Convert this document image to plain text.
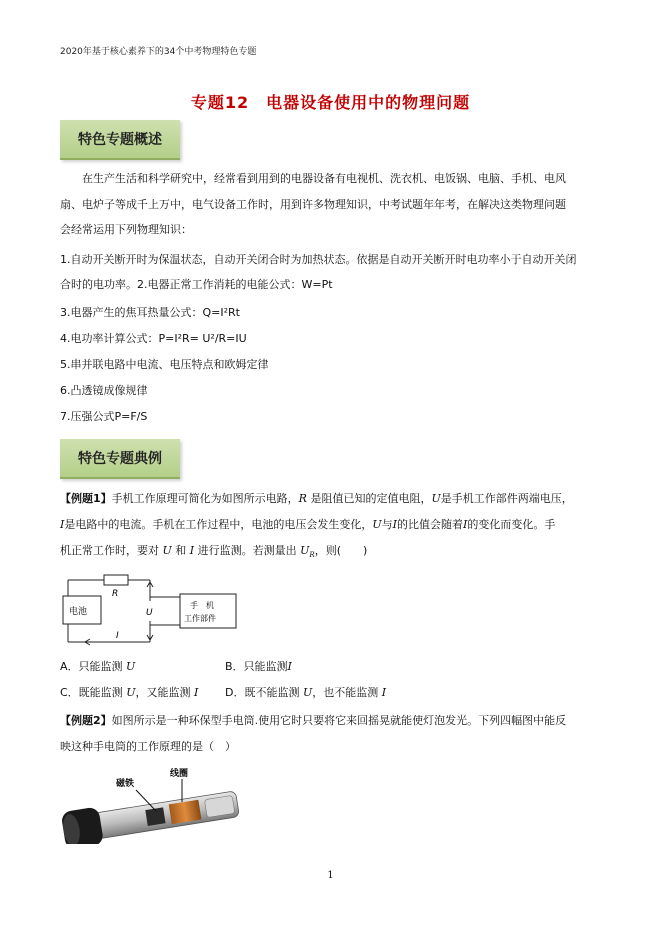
2020年基于核心素养下的34个中考物理特色专题
专题12　电器设备使用中的物理问题
特色专题概述
　　在生产生活和科学研究中，经常看到用到的电器设备有电视机、洗衣机、电饭锅、电脑、手机、电风
扇、电炉子等成千上万中，电气设备工作时，用到许多物理知识，中考试题年年考，在解决这类物理问题
会经常运用下列物理知识：
1.自动开关断开时为保温状态，自动开关闭合时为加热状态。依据是自动开关断开时电功率小于自动开关闭
合时的电功率。2.电器正常工作消耗的电能公式：W=Pt
3.电器产生的焦耳热量公式：Q=I²Rt
4.电功率计算公式：P=I²R= U²/R=IU
5.串并联电路中电流、电压特点和欧姆定律
6.凸透镜成像规律
7.压强公式P=F/S
特色专题典例
【例题1】手机工作原理可简化为如图所示电路，R 是阻值已知的定值电阻，U是手机工作部件两端电压，
I是电路中的电流。手机在工作过程中，电池的电压会发生变化，U与I的比值会随着I的变化而变化。手
机正常工作时，要对 U 和 I 进行监测。若测量出 $U_R$，则(　　)
电池
R
U
I
手　机
工作部件
A．只能监测 U	B．只能监测I
C．既能监测 U，又能监测 I D．既不能监测 U，也不能监测 I
【例题2】如图所示是一种环保型手电筒.使用它时只要将它来回摇晃就能使灯泡发光。下列四幅图中能反
映这种手电筒的工作原理的是（　）
磁铁
线圈
1
